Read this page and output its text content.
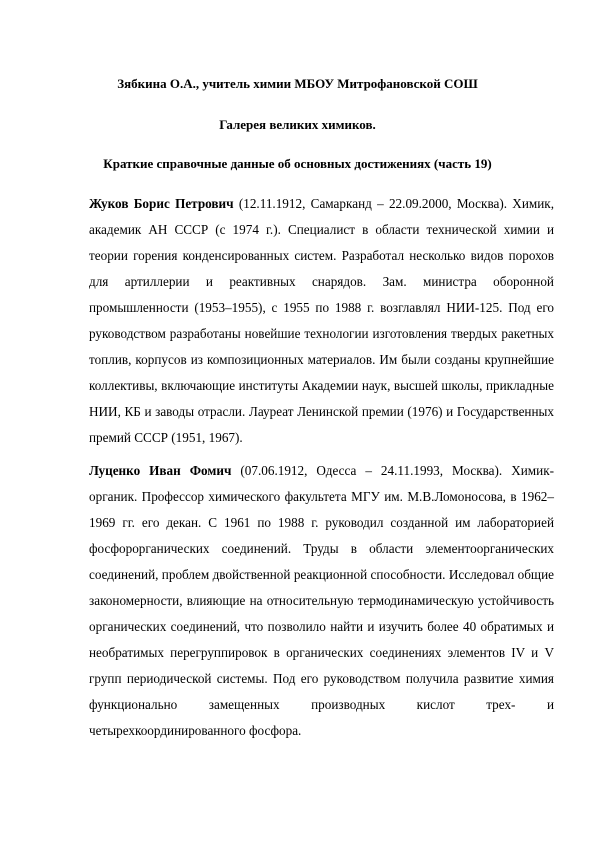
Зябкина О.А., учитель химии МБОУ Митрофановской СОШ
Галерея великих химиков.
Краткие справочные данные об основных достижениях (часть 19)

Жуков Борис Петрович (12.11.1912, Самарканд – 22.09.2000, Москва). Химик, академик АН СССР (с 1974 г.). Специалист в области технической химии и теории горения конденсированных систем. Разработал несколько видов порохов для артиллерии и реактивных снарядов. Зам. министра оборонной промышленности (1953–1955), с 1955 по 1988 г. возглавлял НИИ-125. Под его руководством разработаны новейшие технологии изготовления твердых ракетных топлив, корпусов из композиционных материалов. Им были созданы крупнейшие коллективы, включающие институты Академии наук, высшей школы, прикладные НИИ, КБ и заводы отрасли. Лауреат Ленинской премии (1976) и Государственных премий СССР (1951, 1967).

Луценко Иван Фомич (07.06.1912, Одесса – 24.11.1993, Москва). Химик-органик. Профессор химического факультета МГУ им. М.В.Ломоносова, в 1962–1969 гг. его декан. С 1961 по 1988 г. руководил созданной им лабораторией фосфорорганических соединений. Труды в области элементоорганических соединений, проблем двойственной реакционной способности. Исследовал общие закономерности, влияющие на относительную термодинамическую устойчивость органических соединений, что позволило найти и изучить более 40 обратимых и необратимых перегруппировок в органических соединениях элементов IV и V групп периодической системы. Под его руководством получила развитие химия функционально замещенных производных кислот трех- и четырехкоординированного фосфора.
